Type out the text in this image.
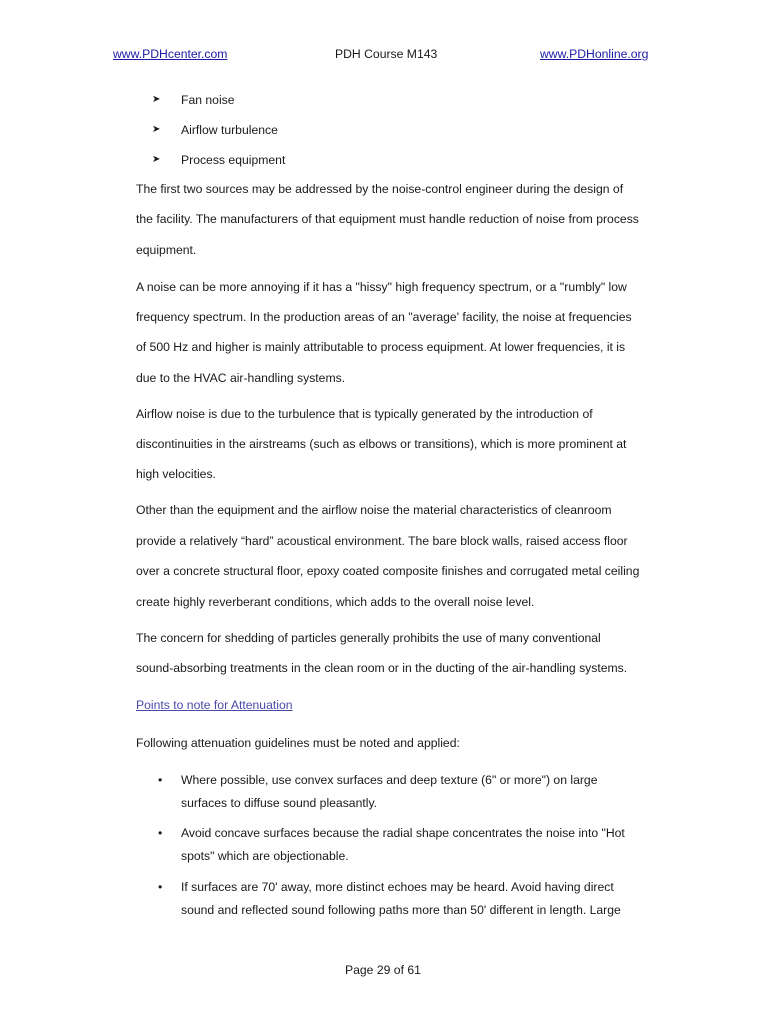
www.PDHcenter.com	PDH Course M143	www.PDHonline.org
➤ Fan noise
➤ Airflow turbulence
➤ Process equipment
The first two sources may be addressed by the noise-control engineer during the design of
the facility. The manufacturers of that equipment must handle reduction of noise from process
equipment.
A noise can be more annoying if it has a "hissy" high frequency spectrum, or a "rumbly" low
frequency spectrum. In the production areas of an "average' facility, the noise at frequencies
of 500 Hz and higher is mainly attributable to process equipment. At lower frequencies, it is
due to the HVAC air-handling systems.
Airflow noise is due to the turbulence that is typically generated by the introduction of
discontinuities in the airstreams (such as elbows or transitions), which is more prominent at
high velocities.
Other than the equipment and the airflow noise the material characteristics of cleanroom
provide a relatively “hard” acoustical environment. The bare block walls, raised access floor
over a concrete structural floor, epoxy coated composite finishes and corrugated metal ceiling
create highly reverberant conditions, which adds to the overall noise level.
The concern for shedding of particles generally prohibits the use of many conventional
sound-absorbing treatments in the clean room or in the ducting of the air-handling systems.
Points to note for Attenuation
Following attenuation guidelines must be noted and applied:
• Where possible, use convex surfaces and deep texture (6" or more") on large
surfaces to diffuse sound pleasantly.
• Avoid concave surfaces because the radial shape concentrates the noise into "Hot
spots" which are objectionable.
• If surfaces are 70' away, more distinct echoes may be heard. Avoid having direct
sound and reflected sound following paths more than 50' different in length. Large
Page 29 of 61
